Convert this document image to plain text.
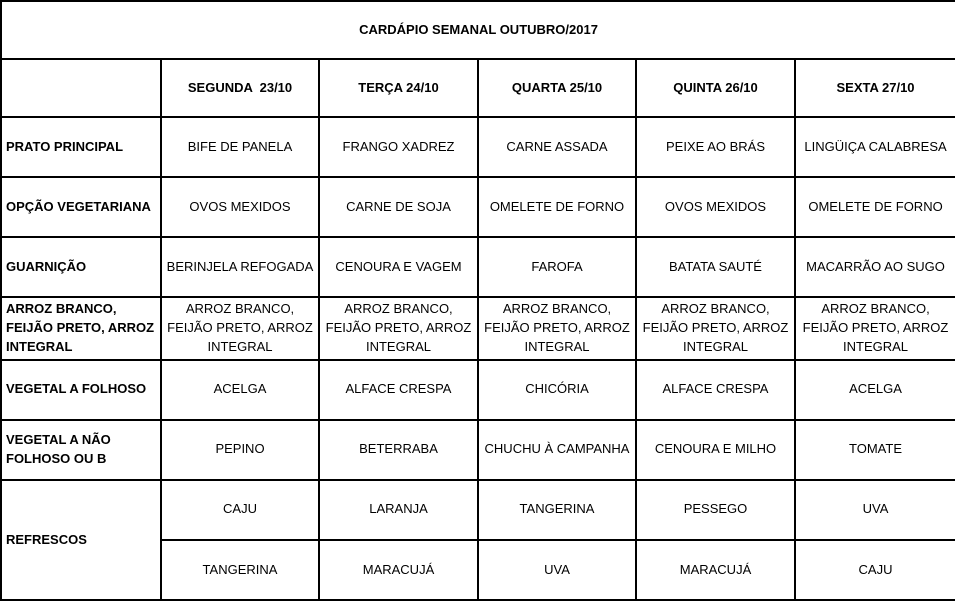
CARDÁPIO SEMANAL OUTUBRO/2017					
	SEGUNDA  23/10	TERÇA 24/10	QUARTA 25/10	QUINTA 26/10	SEXTA 27/10
PRATO PRINCIPAL	BIFE DE PANELA	FRANGO XADREZ	CARNE ASSADA	PEIXE AO BRÁS	LINGÜIÇA CALABRESA
OPÇÃO VEGETARIANA	OVOS MEXIDOS	CARNE DE SOJA	OMELETE DE FORNO	OVOS MEXIDOS	OMELETE DE FORNO
GUARNIÇÃO	BERINJELA REFOGADA	CENOURA E VAGEM	FAROFA	BATATA SAUTÉ	MACARRÃO AO SUGO
ARROZ BRANCO, FEIJÃO PRETO, ARROZ INTEGRAL	ARROZ BRANCO, FEIJÃO PRETO, ARROZ INTEGRAL	ARROZ BRANCO, FEIJÃO PRETO, ARROZ INTEGRAL	ARROZ BRANCO, FEIJÃO PRETO, ARROZ INTEGRAL	ARROZ BRANCO, FEIJÃO PRETO, ARROZ INTEGRAL	ARROZ BRANCO, FEIJÃO PRETO, ARROZ INTEGRAL
VEGETAL A FOLHOSO	ACELGA	ALFACE CRESPA	CHICÓRIA	ALFACE CRESPA	ACELGA
VEGETAL A NÃO FOLHOSO OU B	PEPINO	BETERRABA	CHUCHU À CAMPANHA	CENOURA E MILHO	TOMATE
REFRESCOS	CAJU	LARANJA	TANGERINA	PESSEGO	UVA
	TANGERINA	MARACUJÁ	UVA	MARACUJÁ	CAJU
